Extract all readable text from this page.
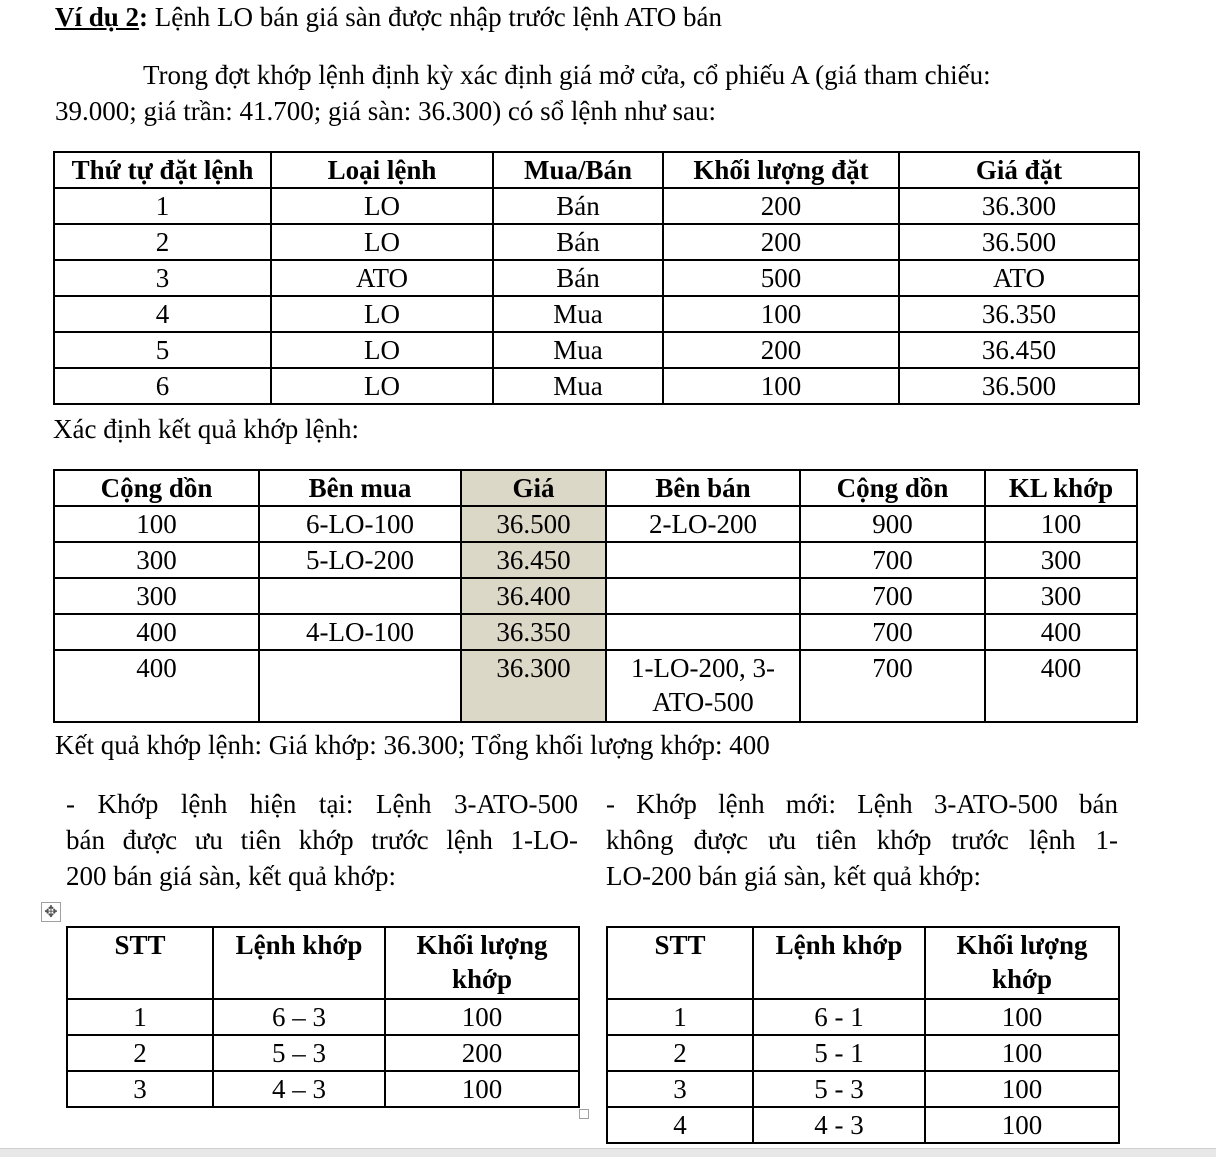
Ví dụ 2: Lệnh LO bán giá sàn được nhập trước lệnh ATO bán
Trong đợt khớp lệnh định kỳ xác định giá mở cửa, cổ phiếu A (giá tham chiếu:
39.000; giá trần: 41.700; giá sàn: 36.300) có sổ lệnh như sau:
Thứ tự đặt lệnh	Loại lệnh	Mua/Bán	Khối lượng đặt	Giá đặt
1	LO	Bán	200	36.300
2	LO	Bán	200	36.500
3	ATO	Bán	500	ATO
4	LO	Mua	100	36.350
5	LO	Mua	200	36.450
6	LO	Mua	100	36.500
Xác định kết quả khớp lệnh:
Cộng dồn	Bên mua	Giá	Bên bán	Cộng dồn	KL khớp
100	6-LO-100	36.500	2-LO-200	900	100
300	5-LO-200	36.450		700	300
300		36.400		700	300
400	4-LO-100	36.350		700	400
400		36.300	1-LO-200, 3-
ATO-500	700	400
Kết quả khớp lệnh: Giá khớp: 36.300; Tổng khối lượng khớp: 400
- Khớp lệnh hiện tại: Lệnh 3-ATO-500
bán được ưu tiên khớp trước lệnh 1-LO-
200 bán giá sàn, kết quả khớp:
- Khớp lệnh mới: Lệnh 3-ATO-500 bán
không được ưu tiên khớp trước lệnh 1-
LO-200 bán giá sàn, kết quả khớp:
✥
STT	Lệnh khớp	Khối lượng
khớp

1	6 – 3	100
2	5 – 3	200
3	4 – 3	100
STT	Lệnh khớp	Khối lượng
khớp

1	6 - 1	100
2	5 - 1	100
3	5 - 3	100
4	4 - 3	100
